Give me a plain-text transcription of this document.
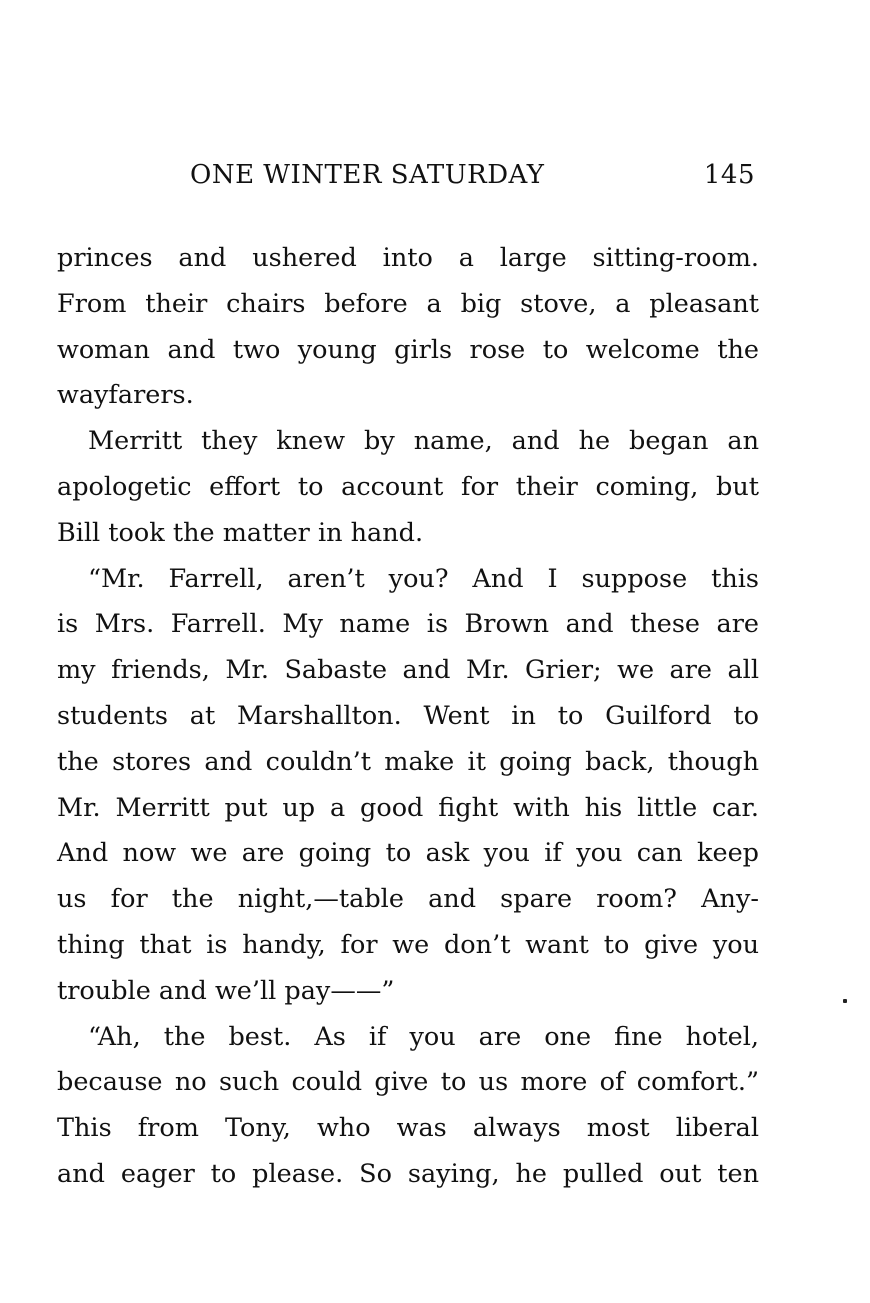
ONE WINTER SATURDAY	145
princes and ushered into a large sitting-room.
From their chairs before a big stove, a pleasant
woman and two young girls rose to welcome the
wayfarers.
Merritt they knew by name, and he began an
apologetic effort to account for their coming, but
Bill took the matter in hand.
“Mr. Farrell, aren’t you? And I suppose this
is Mrs. Farrell. My name is Brown and these are
my friends, Mr. Sabaste and Mr. Grier; we are all
students at Marshallton. Went in to Guilford to
the stores and couldn’t make it going back, though
Mr. Merritt put up a good fight with his little car.
And now we are going to ask you if you can keep
us for the night,—table and spare room? Any-
thing that is handy, for we don’t want to give you
trouble and we’ll pay——”
“Ah, the best. As if you are one fine hotel,
because no such could give to us more of comfort.”
This from Tony, who was always most liberal
and eager to please. So saying, he pulled out ten
